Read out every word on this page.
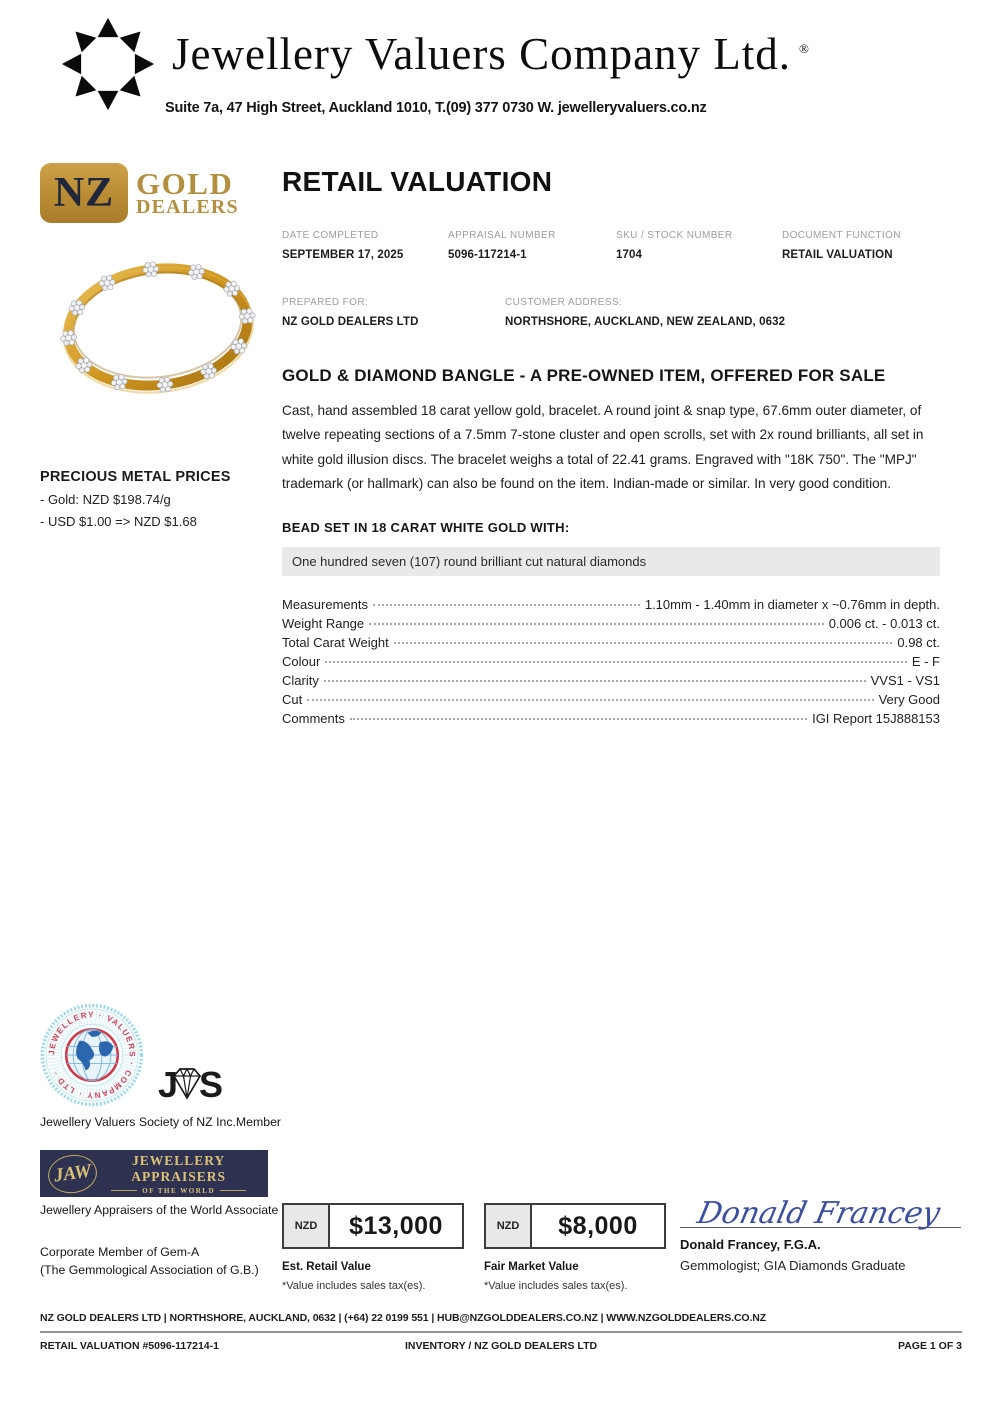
Jewellery Valuers Company Ltd. ®
Suite 7a, 47 High Street, Auckland 1010, T.(09) 377 0730 W. jewelleryvaluers.co.nz
NZ GOLD
DEALERS
PRECIOUS METAL PRICES
- Gold: NZD $198.74/g
- USD $1.00 => NZD $1.68
RETAIL VALUATION
DATE COMPLETED
SEPTEMBER 17, 2025
APPRAISAL NUMBER
5096-117214-1
SKU / STOCK NUMBER
1704
DOCUMENT FUNCTION
RETAIL VALUATION
PREPARED FOR:
NZ GOLD DEALERS LTD
CUSTOMER ADDRESS:
NORTHSHORE, AUCKLAND, NEW ZEALAND, 0632
GOLD & DIAMOND BANGLE - A PRE-OWNED ITEM, OFFERED FOR SALE
Cast, hand assembled 18 carat yellow gold, bracelet. A round joint & snap type, 67.6mm outer diameter, of twelve repeating sections of a 7.5mm 7-stone cluster and open scrolls, set with 2x round brilliants, all set in white gold illusion discs. The bracelet weighs a total of 22.41 grams. Engraved with "18K 750". The "MPJ" trademark (or hallmark) can also be found on the item. Indian-made or similar. In very good condition.
BEAD SET IN 18 CARAT WHITE GOLD WITH:
One hundred seven (107) round brilliant cut natural diamonds
Measurements	1.10mm - 1.40mm in diameter x ~0.76mm in depth.
Weight Range	0.006 ct. - 0.013 ct.
Total Carat Weight	0.98 ct.
Colour	E - F
Clarity	VVS1 - VS1
Cut	Very Good
Comments	IGI Report 15J888153
JEWELLERY · VALUERS · COMPANY · LTD ·	J S
Jewellery Valuers Society of NZ Inc.Member
JAW
JEWELLERY APPRAISERS
OF THE WORLD
Jewellery Appraisers of the World Associate
Corporate Member of Gem-A
(The Gemmological Association of G.B.)
NZD	$13,000
Est. Retail Value
*Value includes sales tax(es).
NZD	$8,000
Fair Market Value
*Value includes sales tax(es).
Donald Francey
Donald Francey, F.G.A.
Gemmologist; GIA Diamonds Graduate
NZ GOLD DEALERS LTD | NORTHSHORE, AUCKLAND, 0632 | (+64) 22 0199 551 | HUB@NZGOLDDEALERS.CO.NZ | WWW.NZGOLDDEALERS.CO.NZ
RETAIL VALUATION #5096-117214-1	INVENTORY / NZ GOLD DEALERS LTD	PAGE 1 OF 3
